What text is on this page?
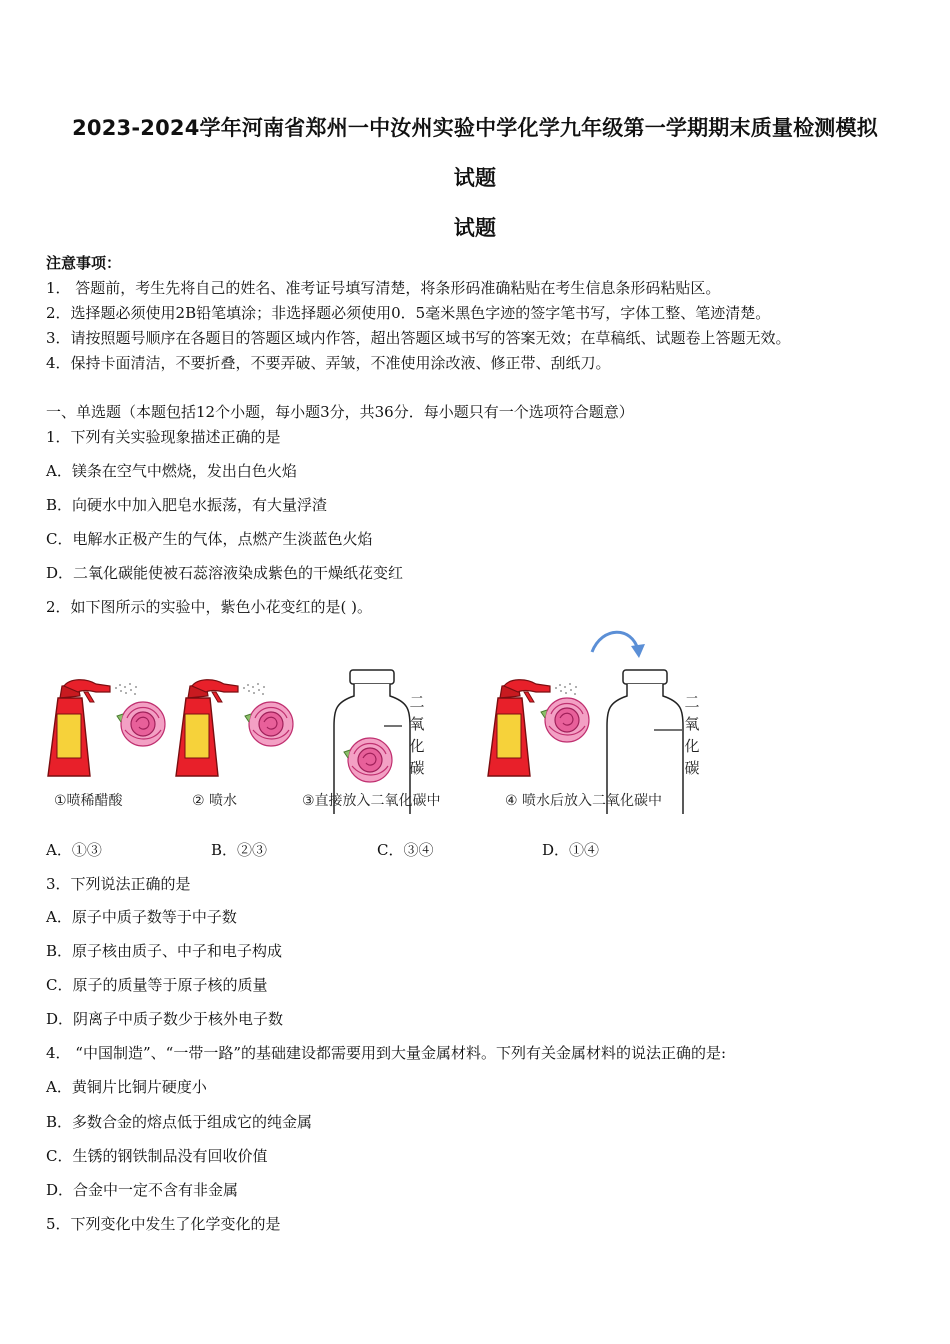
2023-2024学年河南省郑州一中汝州实验中学化学九年级第一学期期末质量检测模拟
试题
试题
注意事项：
1． 答题前，考生先将自己的姓名、准考证号填写清楚，将条形码准确粘贴在考生信息条形码粘贴区。
2．选择题必须使用2B铅笔填涂；非选择题必须使用0．5毫米黑色字迹的签字笔书写，字体工整、笔迹清楚。
3．请按照题号顺序在各题目的答题区域内作答，超出答题区域书写的答案无效；在草稿纸、试题卷上答题无效。
4．保持卡面清洁，不要折叠，不要弄破、弄皱，不准使用涂改液、修正带、刮纸刀。
一、单选题（本题包括12个小题，每小题3分，共36分．每小题只有一个选项符合题意）
1．下列有关实验现象描述正确的是
A．镁条在空气中燃烧，发出白色火焰
B．向硬水中加入肥皂水振荡，有大量浮渣
C．电解水正极产生的气体，点燃产生淡蓝色火焰
D．二氧化碳能使被石蕊溶液染成紫色的干燥纸花变红
2．如下图所示的实验中，紫色小花变红的是( )。
二
氧
化
碳
二
氧
化
碳
①喷稀醋酸	② 喷水	③直接放入二氧化碳中	④ 喷水后放入二氧化碳中
A．①③	B．②③	C．③④	D．①④
3．下列说法正确的是
A．原子中质子数等于中子数
B．原子核由质子、中子和电子构成
C．原子的质量等于原子核的质量
D．阴离子中质子数少于核外电子数
4． “中国制造”、“一带一路”的基础建设都需要用到大量金属材料。下列有关金属材料的说法正确的是:
A．黄铜片比铜片硬度小
B．多数合金的熔点低于组成它的纯金属
C．生锈的钢铁制品没有回收价值
D．合金中一定不含有非金属
5．下列变化中发生了化学变化的是
